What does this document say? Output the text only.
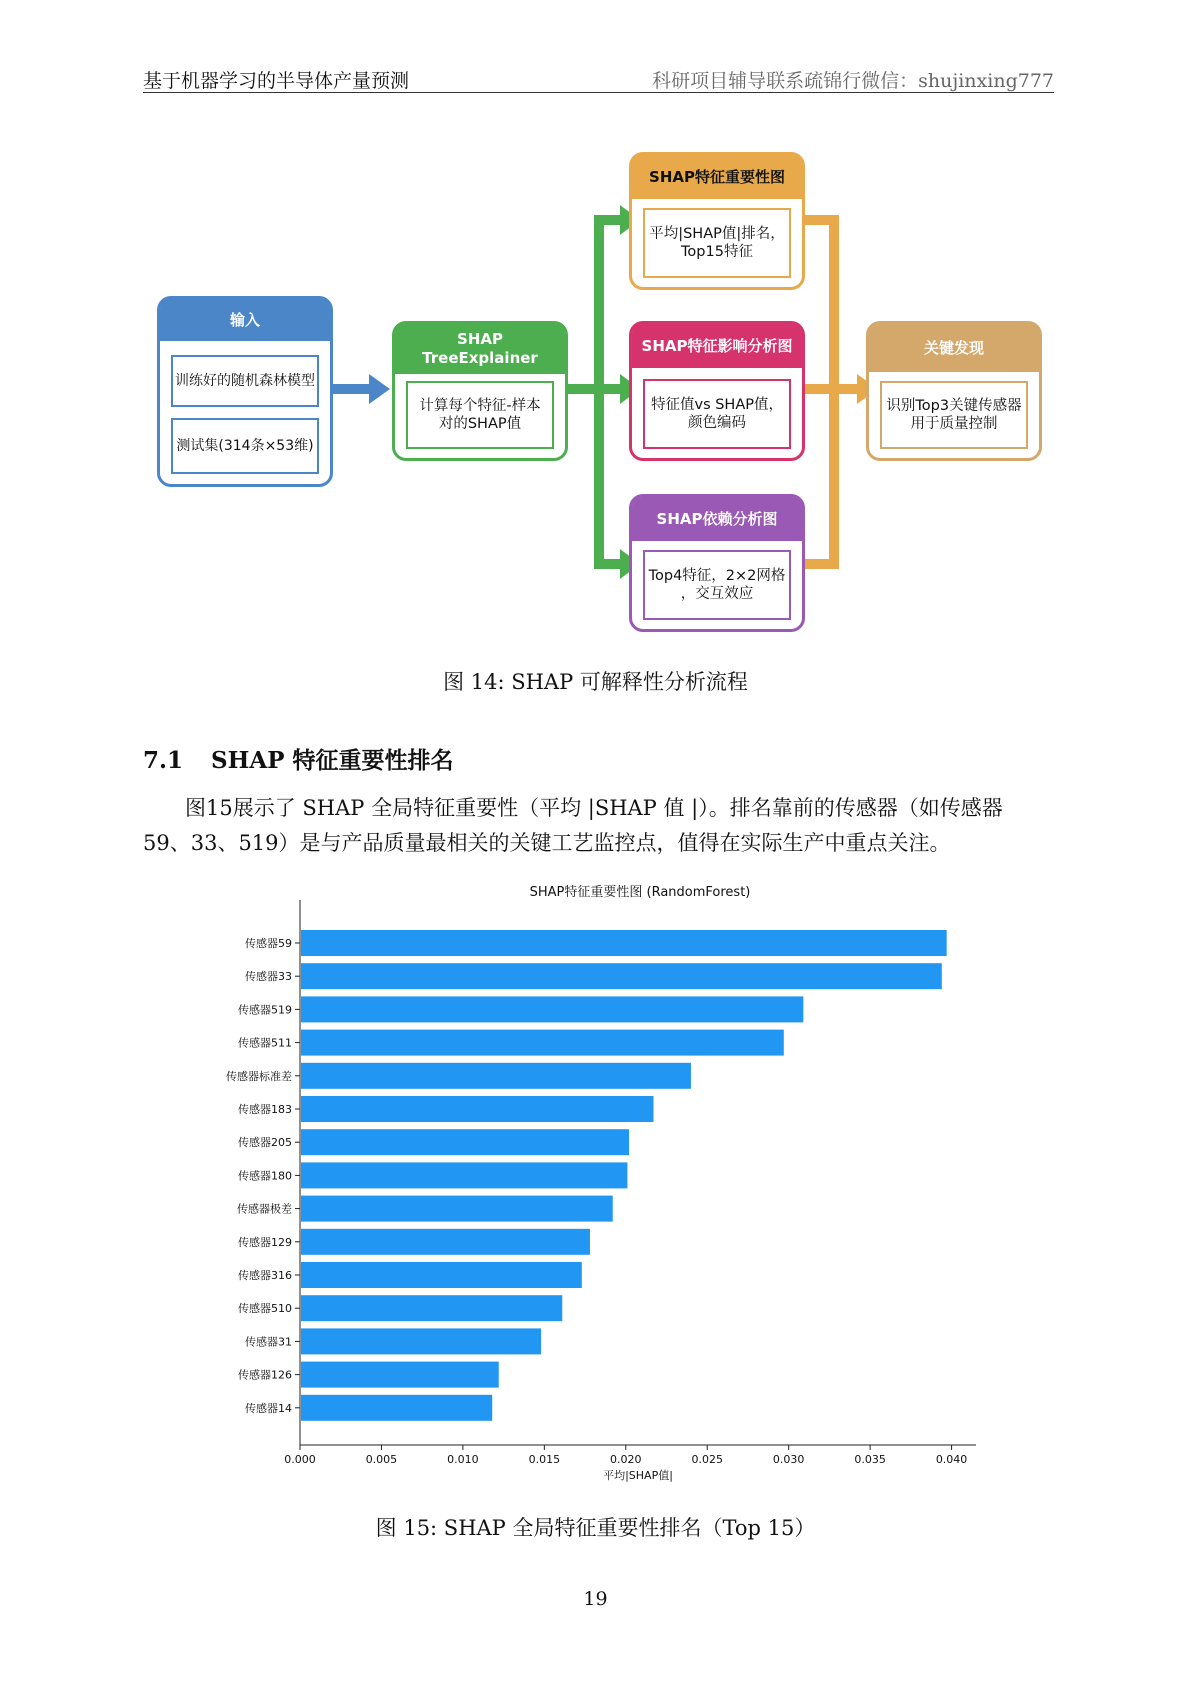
基于机器学习的半导体产量预测	科研项目辅导联系疏锦行微信：shujinxing777
输入
训练好的随机森林模型
测试集(314条×53维)
SHAP
TreeExplainer
计算每个特征-样本
对的SHAP值
SHAP特征重要性图
平均|SHAP值|排名，
Top15特征
SHAP特征影响分析图
特征值vs SHAP值，
颜色编码
SHAP依赖分析图
Top4特征，2×2网格
，交互效应
关键发现
识别Top3关键传感器
用于质量控制
图 14: SHAP 可解释性分析流程
7.1 SHAP 特征重要性排名

图15展示了 SHAP 全局特征重要性（平均 |SHAP 值 |）。排名靠前的传感器（如传感器 59、33、519）是与产品质量最相关的关键工艺监控点，值得在实际生产中重点关注。

SHAP特征重要性图 (RandomForest)
传感器59
传感器33
传感器519
传感器511
传感器标准差
传感器183
传感器205
传感器180
传感器极差
传感器129
传感器316
传感器510
传感器31
传感器126
传感器14
0.000	0.005	0.010	0.015	0.020	0.025	0.030	0.035	0.040
平均|SHAP值|
图 15: SHAP 全局特征重要性排名（Top 15）
19
